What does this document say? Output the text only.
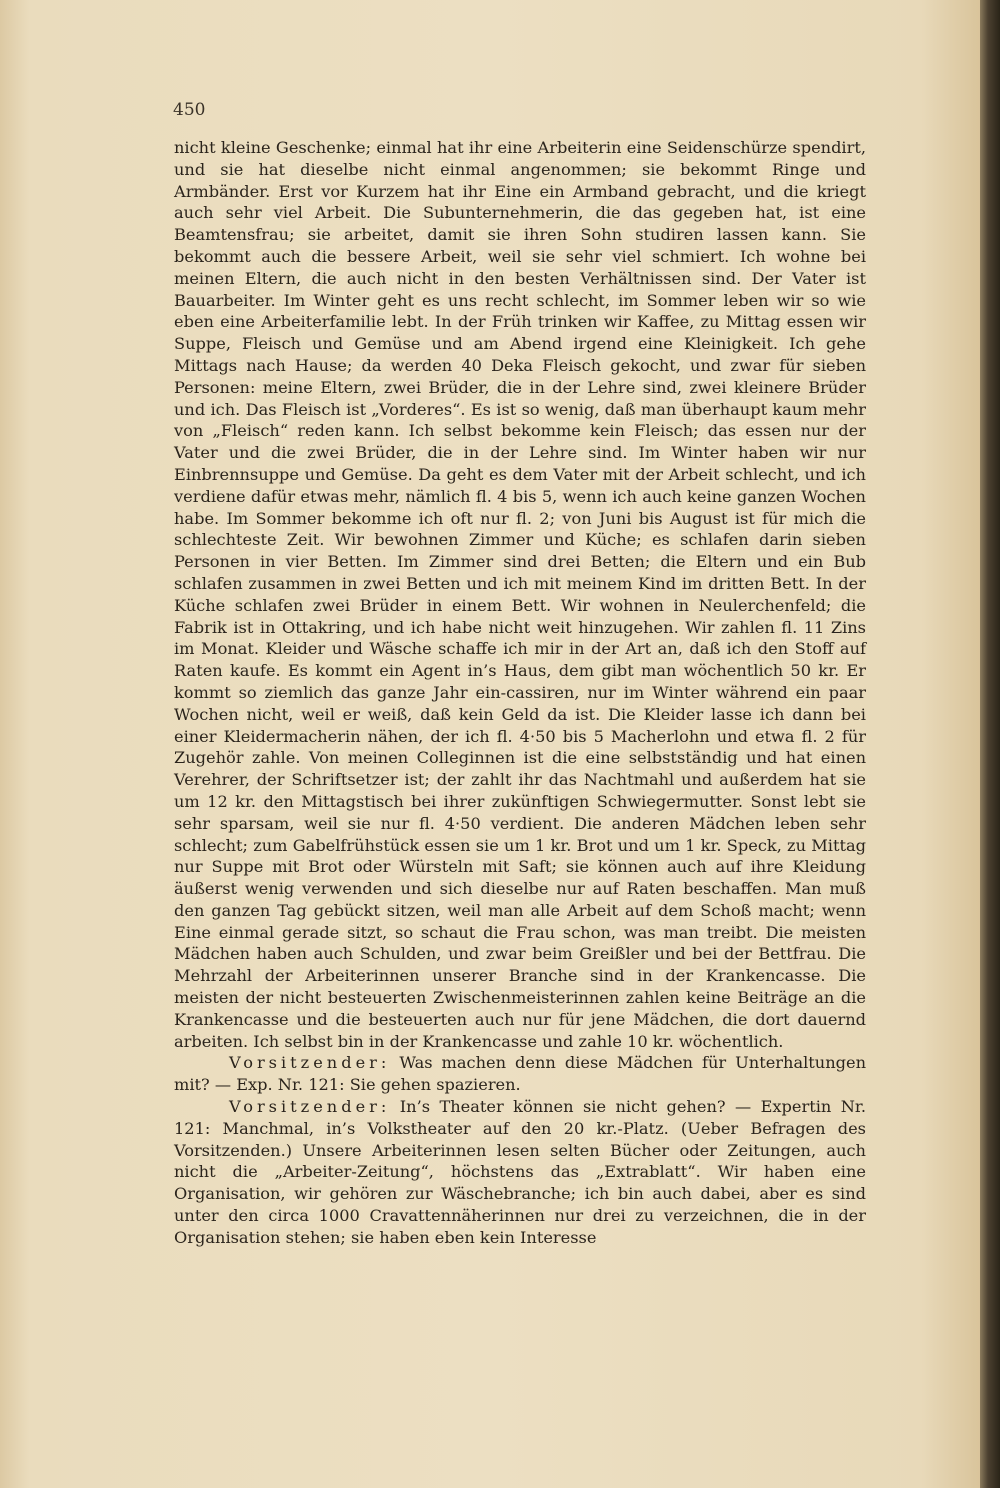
450

nicht kleine Geschenke; einmal hat ihr eine Arbeiterin eine Seidenschürze spendirt, und sie hat dieselbe nicht einmal angenommen; sie bekommt Ringe und Armbänder. Erst vor Kurzem hat ihr Eine ein Armband gebracht, und die kriegt auch sehr viel Arbeit. Die Subunternehmerin, die das gegeben hat, ist eine Beamtensfrau; sie arbeitet, damit sie ihren Sohn studiren lassen kann. Sie bekommt auch die bessere Arbeit, weil sie sehr viel schmiert. Ich wohne bei meinen Eltern, die auch nicht in den besten Verhältnissen sind. Der Vater ist Bauarbeiter. Im Winter geht es uns recht schlecht, im Sommer leben wir so wie eben eine Arbeiterfamilie lebt. In der Früh trinken wir Kaffee, zu Mittag essen wir Suppe, Fleisch und Gemüse und am Abend irgend eine Kleinigkeit. Ich gehe Mittags nach Hause; da werden 40 Deka Fleisch gekocht, und zwar für sieben Personen: meine Eltern, zwei Brüder, die in der Lehre sind, zwei kleinere Brüder und ich. Das Fleisch ist „Vorderes“. Es ist so wenig, daß man überhaupt kaum mehr von „Fleisch“ reden kann. Ich selbst bekomme kein Fleisch; das essen nur der Vater und die zwei Brüder, die in der Lehre sind. Im Winter haben wir nur Einbrennsuppe und Gemüse. Da geht es dem Vater mit der Arbeit schlecht, und ich verdiene dafür etwas mehr, nämlich fl. 4 bis 5, wenn ich auch keine ganzen Wochen habe. Im Sommer bekomme ich oft nur fl. 2; von Juni bis August ist für mich die schlechteste Zeit. Wir bewohnen Zimmer und Küche; es schlafen darin sieben Personen in vier Betten. Im Zimmer sind drei Betten; die Eltern und ein Bub schlafen zusammen in zwei Betten und ich mit meinem Kind im dritten Bett. In der Küche schlafen zwei Brüder in einem Bett. Wir wohnen in Neulerchenfeld; die Fabrik ist in Ottakring, und ich habe nicht weit hinzugehen. Wir zahlen fl. 11 Zins im Monat. Kleider und Wäsche schaffe ich mir in der Art an, daß ich den Stoff auf Raten kaufe. Es kommt ein Agent in’s Haus, dem gibt man wöchentlich 50 kr. Er kommt so ziemlich das ganze Jahr ein-cassiren, nur im Winter während ein paar Wochen nicht, weil er weiß, daß kein Geld da ist. Die Kleider lasse ich dann bei einer Kleidermacherin nähen, der ich fl. 4·50 bis 5 Macherlohn und etwa fl. 2 für Zugehör zahle. Von meinen Colleginnen ist die eine selbstständig und hat einen Verehrer, der Schriftsetzer ist; der zahlt ihr das Nachtmahl und außerdem hat sie um 12 kr. den Mittagstisch bei ihrer zukünftigen Schwiegermutter. Sonst lebt sie sehr sparsam, weil sie nur fl. 4·50 verdient. Die anderen Mädchen leben sehr schlecht; zum Gabelfrühstück essen sie um 1 kr. Brot und um 1 kr. Speck, zu Mittag nur Suppe mit Brot oder Würsteln mit Saft; sie können auch auf ihre Kleidung äußerst wenig verwenden und sich dieselbe nur auf Raten beschaffen. Man muß den ganzen Tag gebückt sitzen, weil man alle Arbeit auf dem Schoß macht; wenn Eine einmal gerade sitzt, so schaut die Frau schon, was man treibt. Die meisten Mädchen haben auch Schulden, und zwar beim Greißler und bei der Bettfrau. Die Mehrzahl der Arbeiterinnen unserer Branche sind in der Krankencasse. Die meisten der nicht besteuerten Zwischenmeisterinnen zahlen keine Beiträge an die Krankencasse und die besteuerten auch nur für jene Mädchen, die dort dauernd arbeiten. Ich selbst bin in der Krankencasse und zahle 10 kr. wöchentlich.

Vorsitzender: Was machen denn diese Mädchen für Unterhaltungen mit? — Exp. Nr. 121: Sie gehen spazieren.

Vorsitzender: In’s Theater können sie nicht gehen? — Expertin Nr. 121: Manchmal, in’s Volkstheater auf den 20 kr.-Platz. (Ueber Befragen des Vorsitzenden.) Unsere Arbeiterinnen lesen selten Bücher oder Zeitungen, auch nicht die „Arbeiter-Zeitung“, höchstens das „Extrablatt“. Wir haben eine Organisation, wir gehören zur Wäschebranche; ich bin auch dabei, aber es sind unter den circa 1000 Cravattennäherinnen nur drei zu verzeichnen, die in der Organisation stehen; sie haben eben kein Interesse
